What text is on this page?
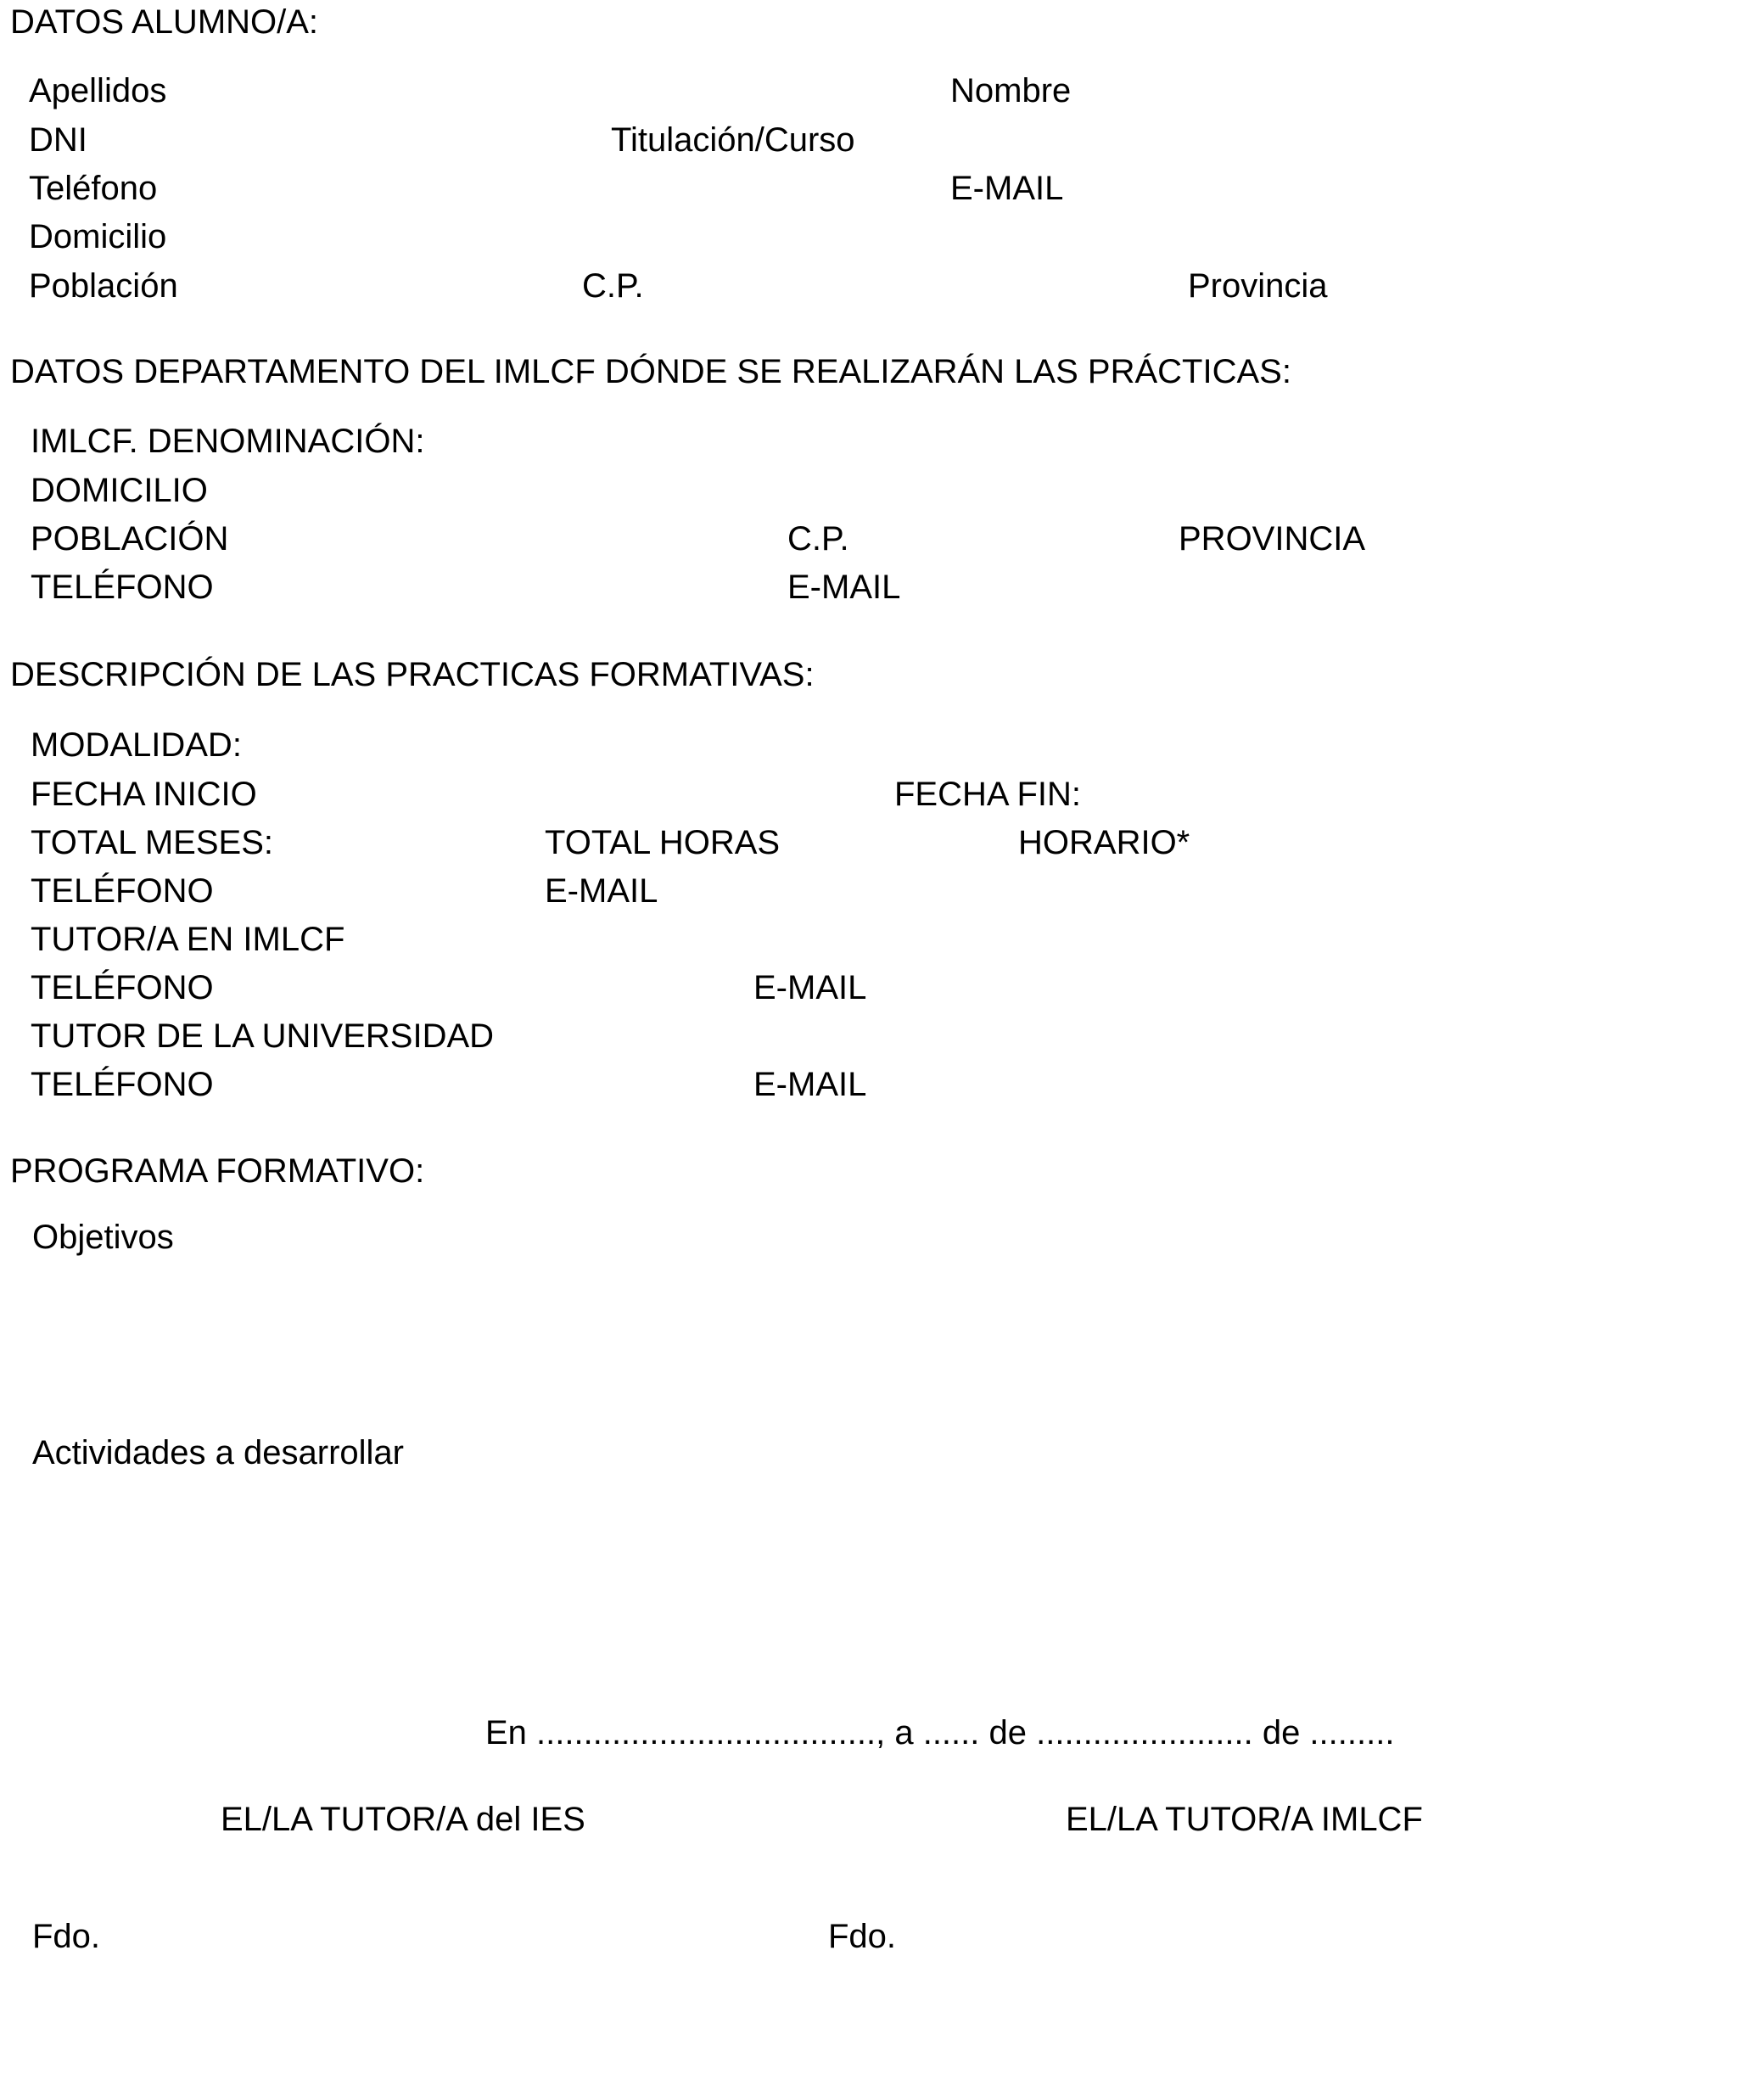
DATOS ALUMNO/A:
Apellidos	Nombre
DNI	Titulación/Curso
Teléfono	E-MAIL
Domicilio
Población	C.P.	Provincia
DATOS DEPARTAMENTO DEL IMLCF DÓNDE SE REALIZARÁN LAS PRÁCTICAS:
IMLCF. DENOMINACIÓN:
DOMICILIO
POBLACIÓN	C.P.	PROVINCIA
TELÉFONO	E-MAIL
DESCRIPCIÓN DE LAS PRACTICAS FORMATIVAS:
MODALIDAD:
FECHA INICIO	FECHA FIN:
TOTAL MESES:	TOTAL HORAS	HORARIO*
TELÉFONO	E-MAIL
TUTOR/A EN IMLCF
TELÉFONO	E-MAIL
TUTOR DE LA UNIVERSIDAD
TELÉFONO	E-MAIL
PROGRAMA FORMATIVO:
Objetivos
Actividades a desarrollar
En ...................................., a ...... de ....................... de .........
EL/LA TUTOR/A del IES	EL/LA TUTOR/A IMLCF
Fdo.	Fdo.
